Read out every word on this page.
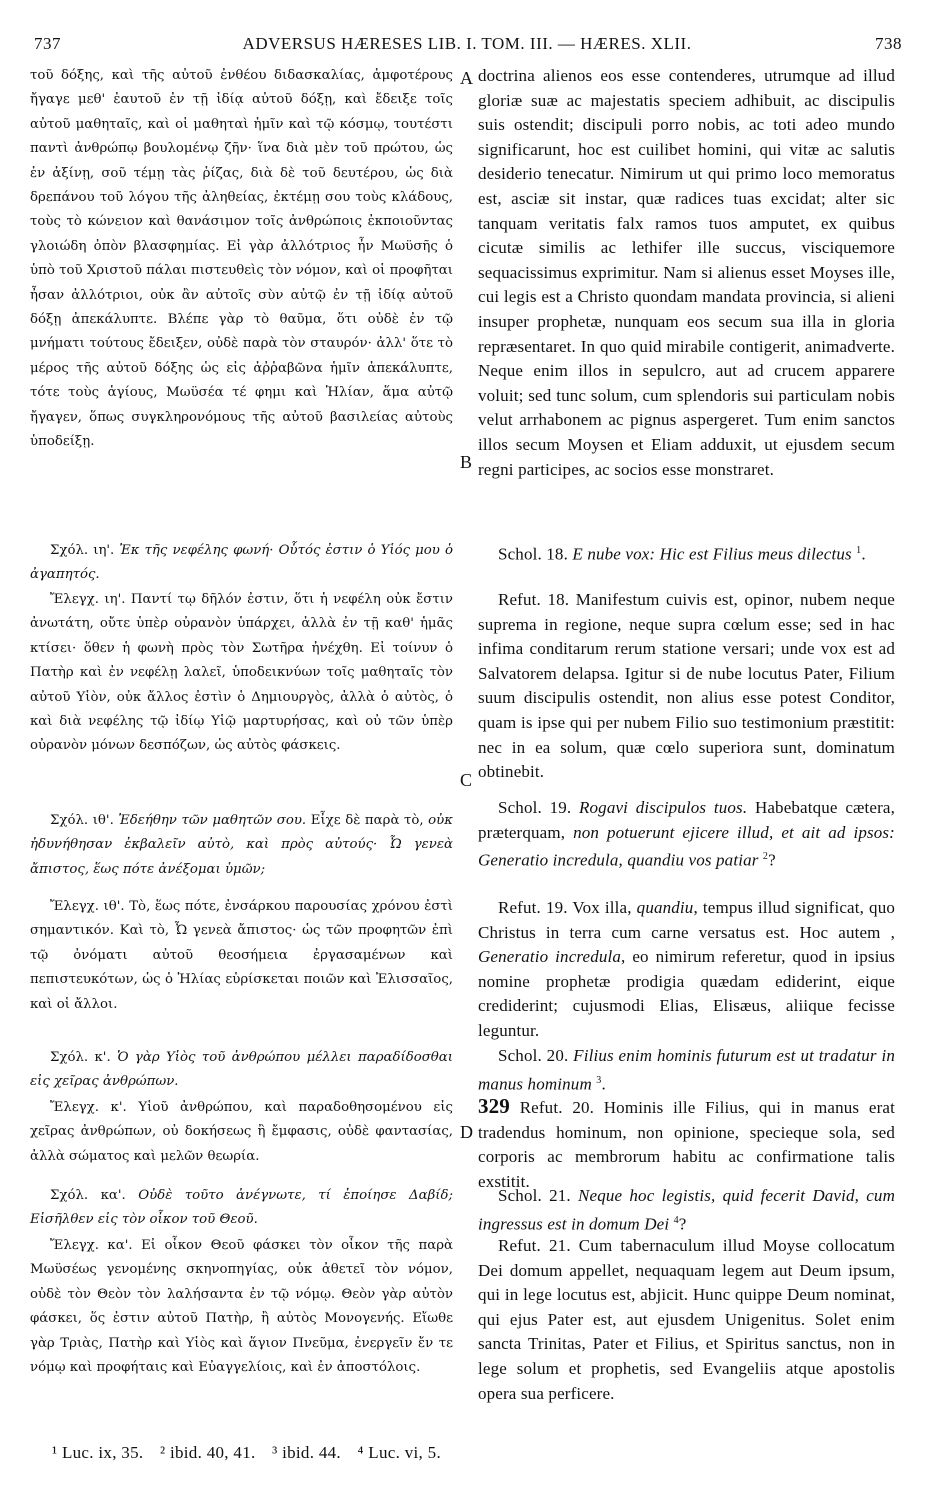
737	ADVERSUS HÆRESES LIB. I. TOM. III. — HÆRES. XLII.	738
A
B
C
D

τοῦ δόξης, καὶ τῆς αὐτοῦ ἐνθέου διδασκαλίας, ἀμφοτέρους ἤγαγε μεθ' ἑαυτοῦ ἐν τῇ ἰδίᾳ αὐτοῦ δόξῃ, καὶ ἔδειξε τοῖς αὐτοῦ μαθηταῖς, καὶ οἱ μαθηταὶ ἡμῖν καὶ τῷ κόσμῳ, τουτέστι παντὶ ἀνθρώπῳ βουλομένῳ ζῆν· ἵνα διὰ μὲν τοῦ πρώτου, ὡς ἐν ἀξίνῃ, σοῦ τέμῃ τὰς ῥίζας, διὰ δὲ τοῦ δευτέρου, ὡς διὰ δρεπάνου τοῦ λόγου τῆς ἀληθείας, ἐκτέμῃ σου τοὺς κλάδους, τοὺς τὸ κώνειον καὶ θανάσιμον τοῖς ἀνθρώποις ἐκποιοῦντας γλοιώδη ὀπὸν βλασφημίας. Εἰ γὰρ ἀλλότριος ἦν Μωϋσῆς ὁ ὑπὸ τοῦ Χριστοῦ πάλαι πιστευθεὶς τὸν νόμον, καὶ οἱ προφῆται ἦσαν ἀλλότριοι, οὐκ ἂν αὐτοῖς σὺν αὐτῷ ἐν τῇ ἰδίᾳ αὐτοῦ δόξῃ ἀπεκάλυπτε. Βλέπε γὰρ τὸ θαῦμα, ὅτι οὐδὲ ἐν τῷ μνήματι τούτους ἔδειξεν, οὐδὲ παρὰ τὸν σταυρόν· ἀλλ' ὅτε τὸ μέρος τῆς αὐτοῦ δόξης ὡς εἰς ἀῤῥαβῶνα ἡμῖν ἀπεκάλυπτε, τότε τοὺς ἁγίους, Μωϋσέα τέ φημι καὶ Ἠλίαν, ἅμα αὐτῷ ἤγαγεν, ὅπως συγκληρονόμους τῆς αὐτοῦ βασιλείας αὐτοὺς ὑποδείξῃ.

Σχόλ. ιη'. Ἐκ τῆς νεφέλης φωνή· Οὗτός ἐστιν ὁ Υἱός μου ὁ ἀγαπητός.

Ἔλεγχ. ιη'. Παντί τῳ δῆλόν ἐστιν, ὅτι ἡ νεφέλη οὐκ ἔστιν ἀνωτάτη, οὔτε ὑπὲρ οὐρανὸν ὑπάρχει, ἀλλὰ ἐν τῇ καθ' ἡμᾶς κτίσει· ὅθεν ἡ φωνὴ πρὸς τὸν Σωτῆρα ἠνέχθη. Εἰ τοίνυν ὁ Πατὴρ καὶ ἐν νεφέλῃ λαλεῖ, ὑποδεικνύων τοῖς μαθηταῖς τὸν αὐτοῦ Υἱὸν, οὐκ ἄλλος ἐστὶν ὁ Δημιουργὸς, ἀλλὰ ὁ αὐτὸς, ὁ καὶ διὰ νεφέλης τῷ ἰδίῳ Υἱῷ μαρτυρήσας, καὶ οὐ τῶν ὑπὲρ οὐρανὸν μόνων δεσπόζων, ὡς αὐτὸς φάσκεις.

Σχόλ. ιθ'. Ἐδεήθην τῶν μαθητῶν σου. Εἶχε δὲ παρὰ τὸ, οὐκ ἠδυνήθησαν ἐκβαλεῖν αὐτὸ, καὶ πρὸς αὐτούς· Ὦ γενεὰ ἄπιστος, ἕως πότε ἀνέξομαι ὑμῶν;

Ἔλεγχ. ιθ'. Τὸ, ἕως πότε, ἐνσάρκου παρουσίας χρόνου ἐστὶ σημαντικόν. Καὶ τὸ, Ὦ γενεὰ ἄπιστος· ὡς τῶν προφητῶν ἐπὶ τῷ ὀνόματι αὐτοῦ θεοσήμεια ἐργασαμένων καὶ πεπιστευκότων, ὡς ὁ Ἠλίας εὑρίσκεται ποιῶν καὶ Ἐλισσαῖος, καὶ οἱ ἄλλοι.

Σχόλ. κ'. Ὁ γὰρ Υἱὸς τοῦ ἀνθρώπου μέλλει παραδίδοσθαι εἰς χεῖρας ἀνθρώπων.

Ἔλεγχ. κ'. Υἱοῦ ἀνθρώπου, καὶ παραδοθησομένου εἰς χεῖρας ἀνθρώπων, οὐ δοκήσεως ἢ ἔμφασις, οὐδὲ φαντασίας, ἀλλὰ σώματος καὶ μελῶν θεωρία.

Σχόλ. κα'. Οὐδὲ τοῦτο ἀνέγνωτε, τί ἐποίησε Δαβίδ; Εἰσῆλθεν εἰς τὸν οἶκον τοῦ Θεοῦ.

Ἔλεγχ. κα'. Εἰ οἶκον Θεοῦ φάσκει τὸν οἶκον τῆς παρὰ Μωϋσέως γενομένης σκηνοπηγίας, οὐκ ἀθετεῖ τὸν νόμον, οὐδὲ τὸν Θεὸν τὸν λαλήσαντα ἐν τῷ νόμῳ. Θεὸν γὰρ αὐτὸν φάσκει, ὅς ἐστιν αὐτοῦ Πατὴρ, ἢ αὐτὸς Μονογενής. Εἴωθε γὰρ Τριὰς, Πατὴρ καὶ Υἱὸς καὶ ἅγιον Πνεῦμα, ἐνεργεῖν ἔν τε νόμῳ καὶ προφήταις καὶ Εὐαγγελίοις, καὶ ἐν ἀποστόλοις.

doctrina alienos eos esse contenderes, utrumque ad illud gloriæ suæ ac majestatis speciem adhibuit, ac discipulis suis ostendit; discipuli porro nobis, ac toti adeo mundo significarunt, hoc est cuilibet homini, qui vitæ ac salutis desiderio tenecatur. Nimirum ut qui primo loco memoratus est, asciæ sit instar, quæ radices tuas excidat; alter sic tanquam veritatis falx ramos tuos amputet, ex quibus cicutæ similis ac lethifer ille succus, visciquemore sequacissimus exprimitur. Nam si alienus esset Moyses ille, cui legis est a Christo quondam mandata provincia, si alieni insuper prophetæ, nunquam eos secum sua illa in gloria repræsentaret. In quo quid mirabile contigerit, animadverte. Neque enim illos in sepulcro, aut ad crucem apparere voluit; sed tunc solum, cum splendoris sui particulam nobis velut arrhabonem ac pignus aspergeret. Tum enim sanctos illos secum Moysen et Eliam adduxit, ut ejusdem secum regni participes, ac socios esse monstraret.

Schol. 18. E nube vox: Hic est Filius meus dilectus $^1$.

Refut. 18. Manifestum cuivis est, opinor, nubem neque suprema in regione, neque supra cœlum esse; sed in hac infima conditarum rerum statione versari; unde vox est ad Salvatorem delapsa. Igitur si de nube locutus Pater, Filium suum discipulis ostendit, non alius esse potest Conditor, quam is ipse qui per nubem Filio suo testimonium præstitit: nec in ea solum, quæ cœlo superiora sunt, dominatum obtinebit.

Schol. 19. Rogavi discipulos tuos. Habebatque cætera, præterquam, non potuerunt ejicere illud, et ait ad ipsos: Generatio incredula, quandiu vos patiar $^2$?

Refut. 19. Vox illa, quandiu, tempus illud significat, quo Christus in terra cum carne versatus est. Hoc autem , Generatio incredula, eo nimirum referetur, quod in ipsius nomine prophetæ prodigia quædam ediderint, eique crediderint; cujusmodi Elias, Elisæus, aliique fecisse leguntur.

Schol. 20. Filius enim hominis futurum est ut tradatur in manus hominum $^3$.

329 Refut. 20. Hominis ille Filius, qui in manus erat tradendus hominum, non opinione, specieque sola, sed corporis ac membrorum habitu ac confirmatione talis exstitit.

Schol. 21. Neque hoc legistis, quid fecerit David, cum ingressus est in domum Dei $^4$?

Refut. 21. Cum tabernaculum illud Moyse collocatum Dei domum appellet, nequaquam legem aut Deum ipsum, qui in lege locutus est, abjicit. Hunc quippe Deum nominat, qui ejus Pater est, aut ejusdem Unigenitus. Solet enim sancta Trinitas, Pater et Filius, et Spiritus sanctus, non in lege solum et prophetis, sed Evangeliis atque apostolis opera sua perficere.

¹ Luc. ix, 35. ² ibid. 40, 41. ³ ibid. 44. ⁴ Luc. vi, 5.
